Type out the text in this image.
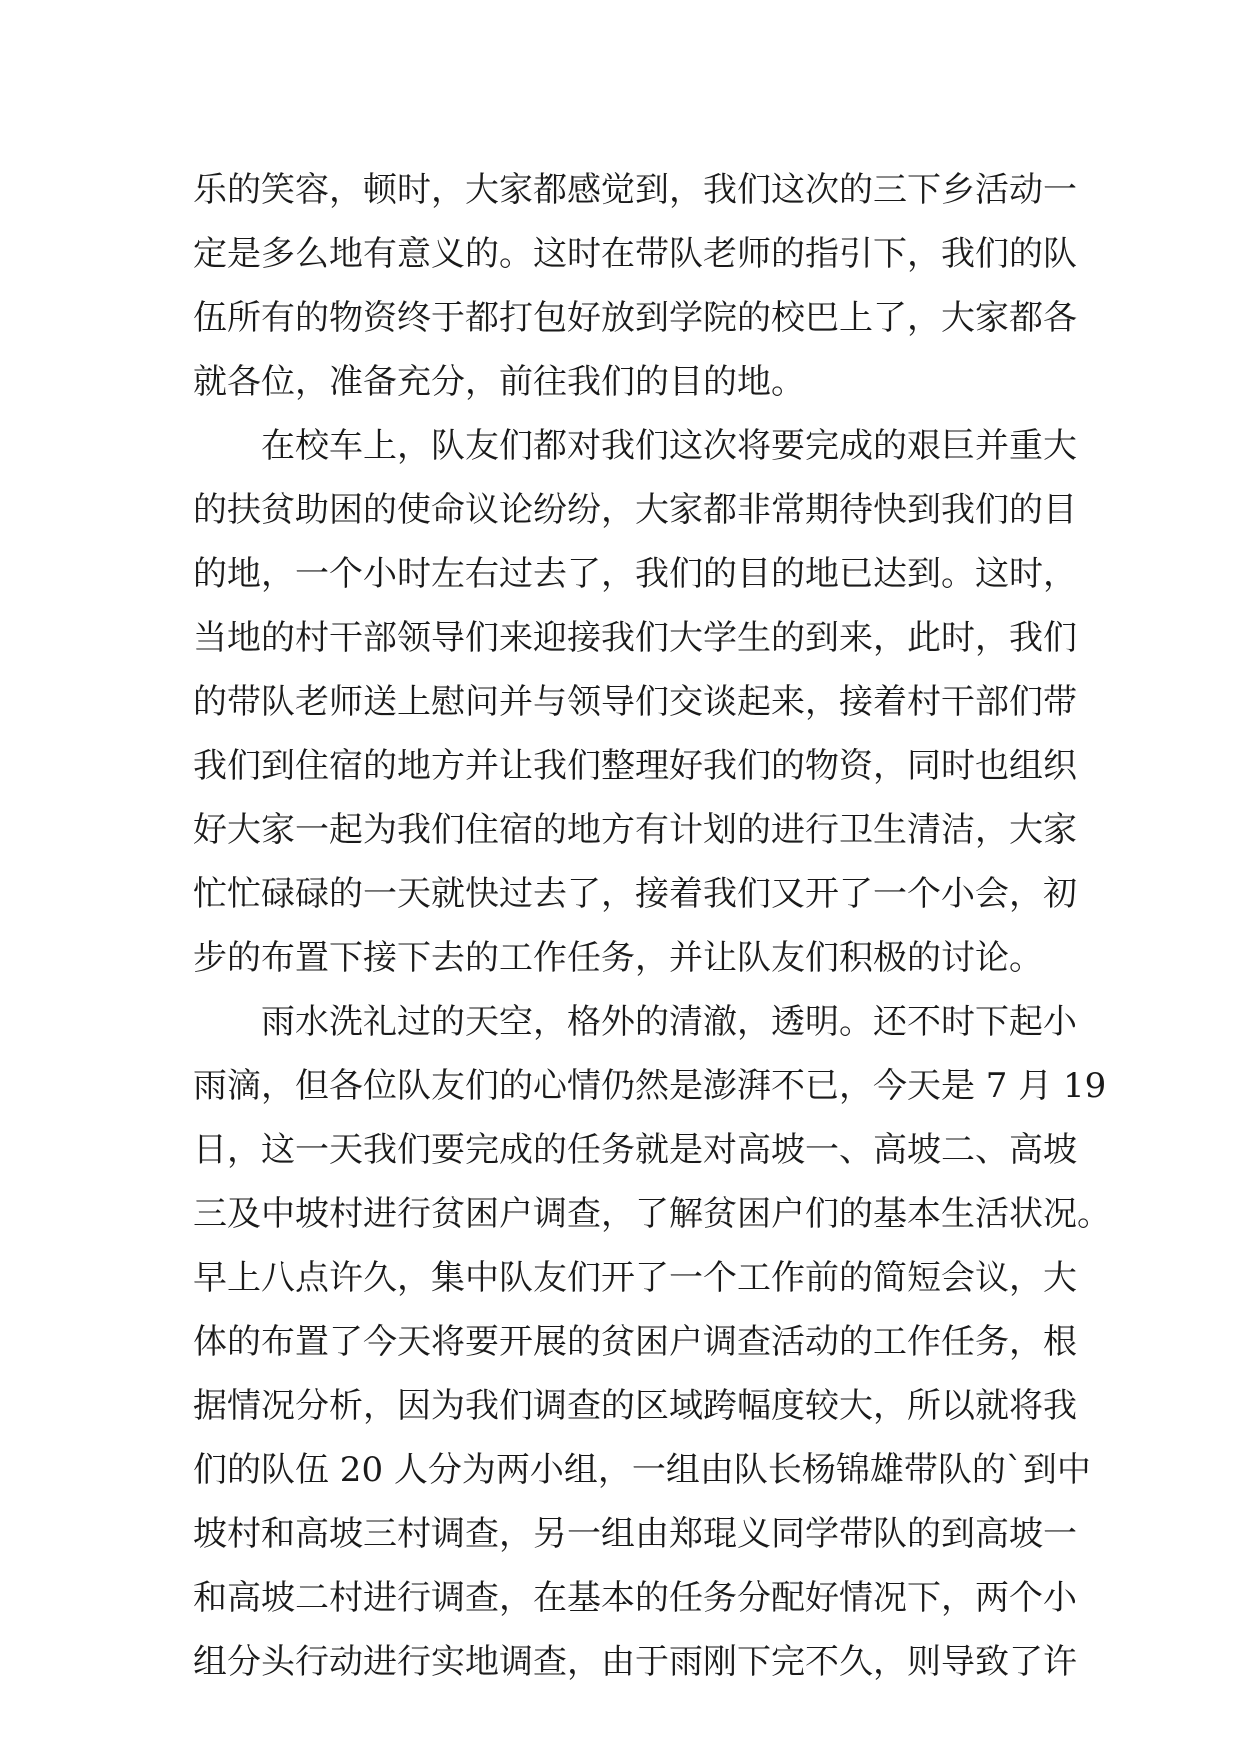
乐的笑容，顿时，大家都感觉到，我们这次的三下乡活动一
定是多么地有意义的。这时在带队老师的指引下，我们的队
伍所有的物资终于都打包好放到学院的校巴上了，大家都各
就各位，准备充分，前往我们的目的地。
在校车上，队友们都对我们这次将要完成的艰巨并重大
的扶贫助困的使命议论纷纷，大家都非常期待快到我们的目
的地，一个小时左右过去了，我们的目的地已达到。这时，
当地的村干部领导们来迎接我们大学生的到来，此时，我们
的带队老师送上慰问并与领导们交谈起来，接着村干部们带
我们到住宿的地方并让我们整理好我们的物资，同时也组织
好大家一起为我们住宿的地方有计划的进行卫生清洁，大家
忙忙碌碌的一天就快过去了，接着我们又开了一个小会，初
步的布置下接下去的工作任务，并让队友们积极的讨论。
雨水洗礼过的天空，格外的清澈，透明。还不时下起小
雨滴，但各位队友们的心情仍然是澎湃不已，今天是 7 月 19
日，这一天我们要完成的任务就是对高坡一、高坡二、高坡
三及中坡村进行贫困户调查，了解贫困户们的基本生活状况。
早上八点许久，集中队友们开了一个工作前的简短会议，大
体的布置了今天将要开展的贫困户调查活动的工作任务，根
据情况分析，因为我们调查的区域跨幅度较大，所以就将我
们的队伍 20 人分为两小组，一组由队长杨锦雄带队的`到中
坡村和高坡三村调查，另一组由郑琨义同学带队的到高坡一
和高坡二村进行调查，在基本的任务分配好情况下，两个小
组分头行动进行实地调查，由于雨刚下完不久，则导致了许
